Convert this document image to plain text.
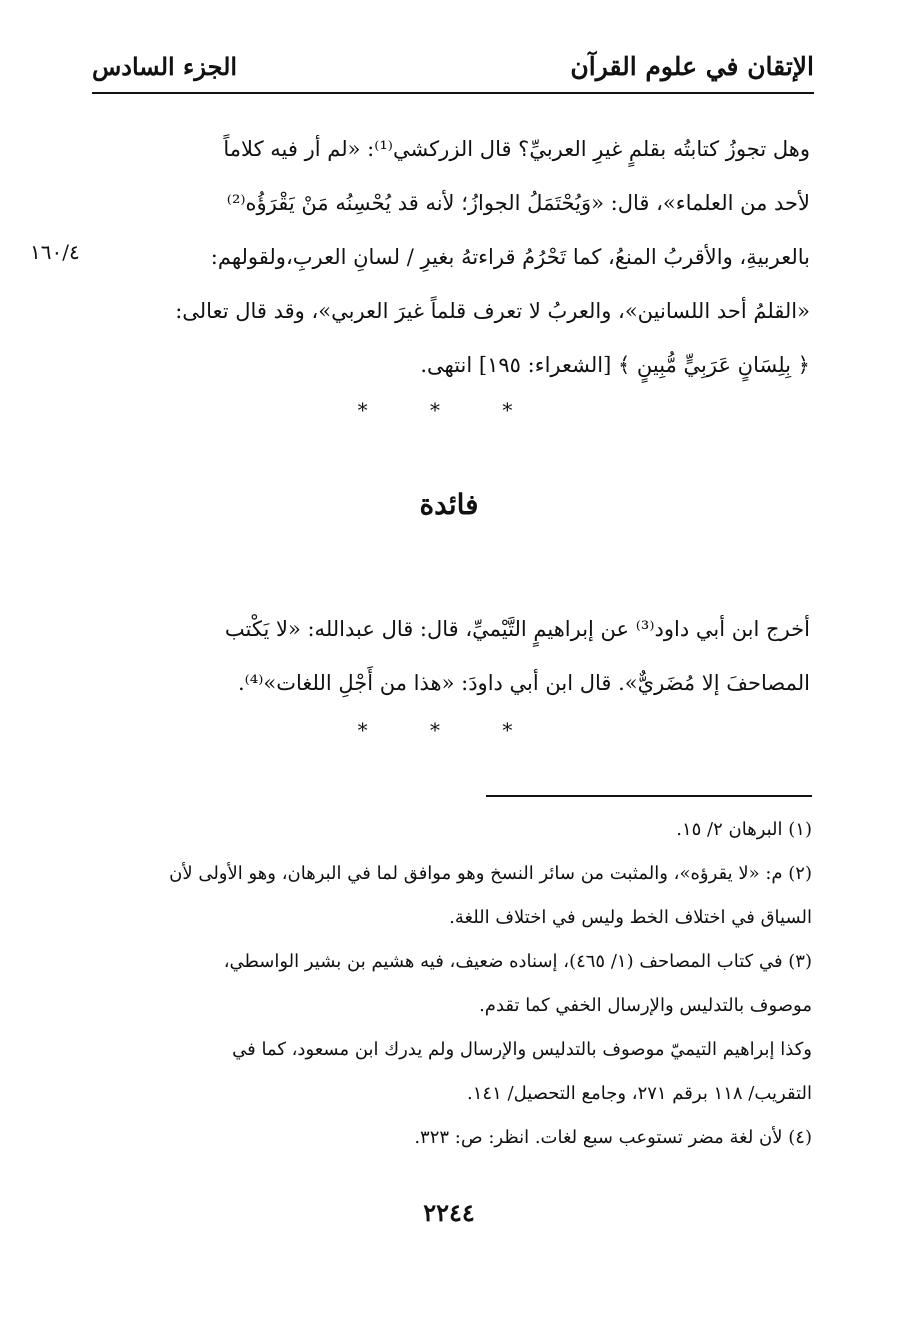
الإتقان في علوم القرآن
الجزء السادس

وهل تجوزُ كتابتُه بقلمٍ غيرِ العربيِّ؟ قال الزركشي⁽¹⁾: «لم أر فيه كلاماً

لأحد من العلماء»، قال: «وَيُحْتَمَلُ الجوازُ؛ لأنه قد يُحْسِنُه مَنْ يَقْرَؤُه⁽²⁾

بالعربيةِ، والأقربُ المنعُ، كما تَحْرُمُ قراءتهُ بغيرِ / لسانِ العربِ،ولقولهم:

«القلمُ أحد اللسانين»، والعربُ لا تعرف قلماً غيرَ العربي»، وقد قال تعالى:

﴿ بِلِسَانٍ عَرَبِيٍّ مُّبِينٍ ﴾ [الشعراء: ١٩٥] انتهى.

١٦٠/٤
* * *
فائدة

أخرج ابن أبي داود⁽³⁾ عن إبراهيمٍ التَّيْميِّ، قال: قال عبدالله: «لا يَكْتب

المصاحفَ إلا مُضَريٌّ». قال ابن أبي داودَ: «هذا من أَجْلِ اللغات»⁽⁴⁾.

* * *

(١) البرهان ٢/ ١٥.

(٢) م: «لا يقرؤه»، والمثبت من سائر النسخ وهو موافق لما في البرهان، وهو الأولى لأن

السياق في اختلاف الخط وليس في اختلاف اللغة.

(٣) في كتاب المصاحف (١/ ٤٦٥)، إسناده ضعيف، فيه هشيم بن بشير الواسطي،

موصوف بالتدليس والإرسال الخفي كما تقدم.

وكذا إبراهيم التيميّ موصوف بالتدليس والإرسال ولم يدرك ابن مسعود، كما في

التقريب/ ١١٨ برقم ٢٧١، وجامع التحصيل/ ١٤١.

(٤) لأن لغة مضر تستوعب سبع لغات. انظر: ص: ٣٢٣.

٢٢٤٤
